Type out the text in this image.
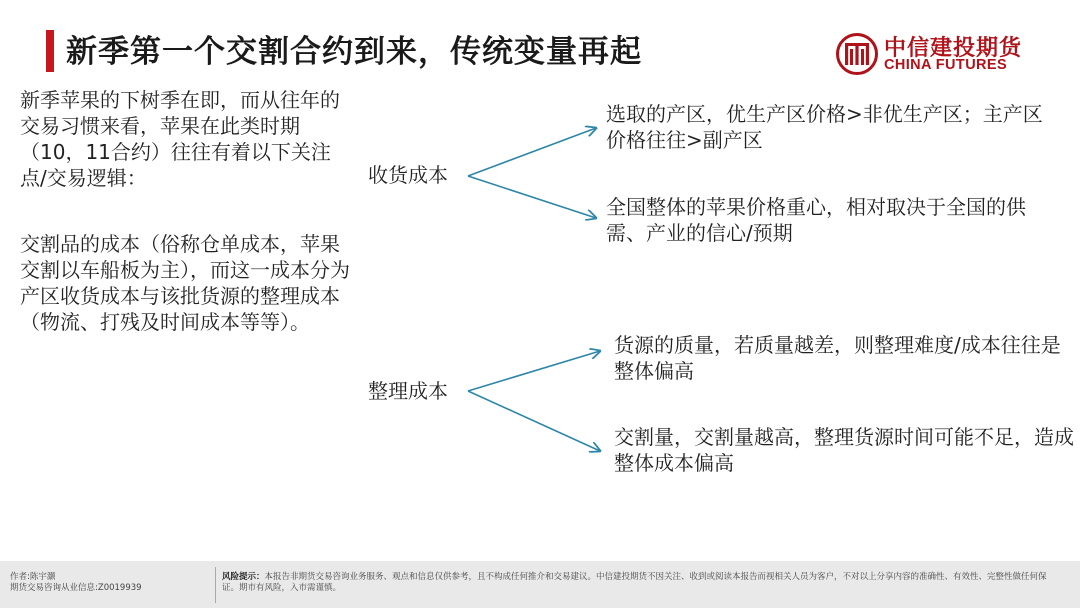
新季第一个交割合约到来，传统变量再起	中信建投期货
CHINA FUTURES
新季苹果的下树季在即，而从往年的交易习惯来看，苹果在此类时期（10，11合约）往往有着以下关注点/交易逻辑：
交割品的成本（俗称仓单成本，苹果交割以车船板为主），而这一成本分为产区收货成本与该批货源的整理成本（物流、打残及时间成本等等）。
收货成本
整理成本
选取的产区，优生产区价格>非优生产区；主产区价格往往>副产区
全国整体的苹果价格重心，相对取决于全国的供需、产业的信心/预期
货源的质量，若质量越差，则整理难度/成本往往是整体偏高
交割量，交割量越高，整理货源时间可能不足，造成整体成本偏高
作者:陈宇灏
期货交易咨询从业信息:Z0019939
风险提示：本报告非期货交易咨询业务服务、观点和信息仅供参考，且不构成任何推介和交易建议。中信建投期货不因关注、收到或阅读本报告而视相关人员为客户，不对以上分享内容的准确性、有效性、完整性做任何保证。期市有风险，入市需谨慎。
